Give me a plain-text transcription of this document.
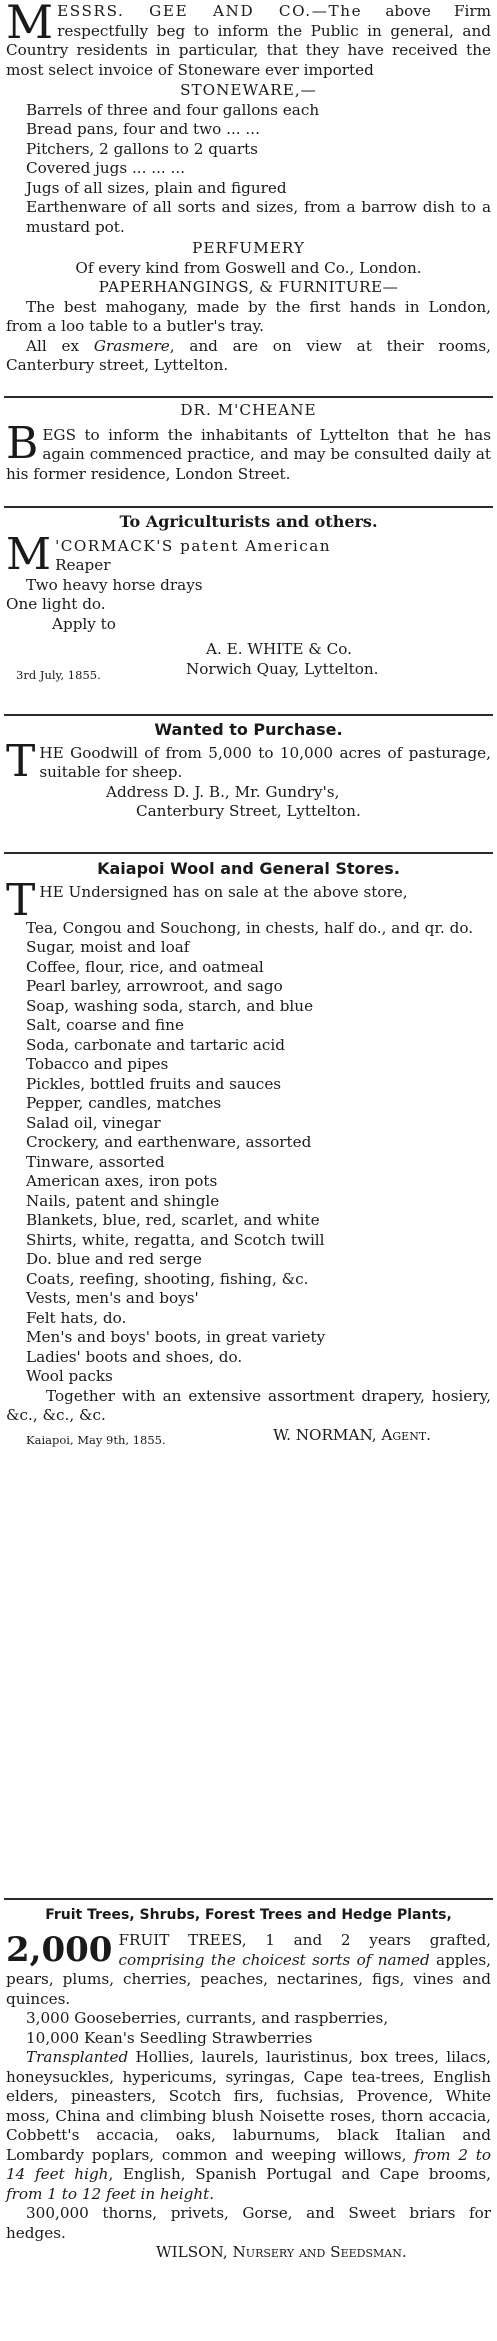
M ESSRS. GEE AND CO.—The above Firm respectfully beg to inform the Public in general, and Country residents in particular, that they have received the most select invoice of Stoneware ever imported
STONEWARE,—
Barrels of three and four gallons each
Bread pans, four and two ... ...
Pitchers, 2 gallons to 2 quarts
Covered jugs ... ... ...
Jugs of all sizes, plain and figured
Earthenware of all sorts and sizes, from a barrow dish to a mustard pot.
PERFUMERY
Of every kind from Goswell and Co., London.
PAPERHANGINGS, & FURNITURE—
The best mahogany, made by the first hands in London, from a loo table to a butler's tray.
All ex Grasmere, and are on view at their rooms, Canterbury street, Lyttelton.
DR. M'CHEANE
B EGS to inform the inhabitants of Lyttelton that he has again commenced practice, and may be consulted daily at his former residence, London Street.
To Agriculturists and others.
M 'CORMACK'S patent American
Reaper
Two heavy horse drays
One light do.
Apply to
A. E. WHITE & Co.
3rd July, 1855.	Norwich Quay, Lyttelton.
Wanted to Purchase.
T HE Goodwill of from 5,000 to 10,000 acres of pasturage, suitable for sheep.
Address D. J. B., Mr. Gundry's,
Canterbury Street, Lyttelton.
Kaiapoi Wool and General Stores.
T HE Undersigned has on sale at the above store,
Tea, Congou and Souchong, in chests, half do., and qr. do.
Sugar, moist and loaf
Coffee, flour, rice, and oatmeal
Pearl barley, arrowroot, and sago
Soap, washing soda, starch, and blue
Salt, coarse and fine
Soda, carbonate and tartaric acid
Tobacco and pipes
Pickles, bottled fruits and sauces
Pepper, candles, matches
Salad oil, vinegar
Crockery, and earthenware, assorted
Tinware, assorted
American axes, iron pots
Nails, patent and shingle
Blankets, blue, red, scarlet, and white
Shirts, white, regatta, and Scotch twill
Do. blue and red serge
Coats, reefing, shooting, fishing, &c.
Vests, men's and boys'
Felt hats, do.
Men's and boys' boots, in great variety
Ladies' boots and shoes, do.
Wool packs
Together with an extensive assortment drapery, hosiery, &c., &c., &c.
Kaiapoi, May 9th, 1855.	W. NORMAN, Agent.
Fruit Trees, Shrubs, Forest Trees and Hedge Plants,
2,000 FRUIT TREES, 1 and 2 years grafted, comprising the choicest sorts of named apples, pears, plums, cherries, peaches, nectarines, figs, vines and quinces.
3,000 Gooseberries, currants, and raspberries,
10,000 Kean's Seedling Strawberries
Transplanted Hollies, laurels, lauristinus, box trees, lilacs, honeysuckles, hypericums, syringas, Cape tea-trees, English elders, pineasters, Scotch firs, fuchsias, Provence, White moss, China and climbing blush Noisette roses, thorn accacia, Cobbett's accacia, oaks, laburnums, black Italian and Lombardy poplars, common and weeping willows, from 2 to 14 feet high, English, Spanish Portugal and Cape brooms, from 1 to 12 feet in height.
300,000 thorns, privets, Gorse, and Sweet briars for hedges.
WILSON, Nursery and Seedsman.
